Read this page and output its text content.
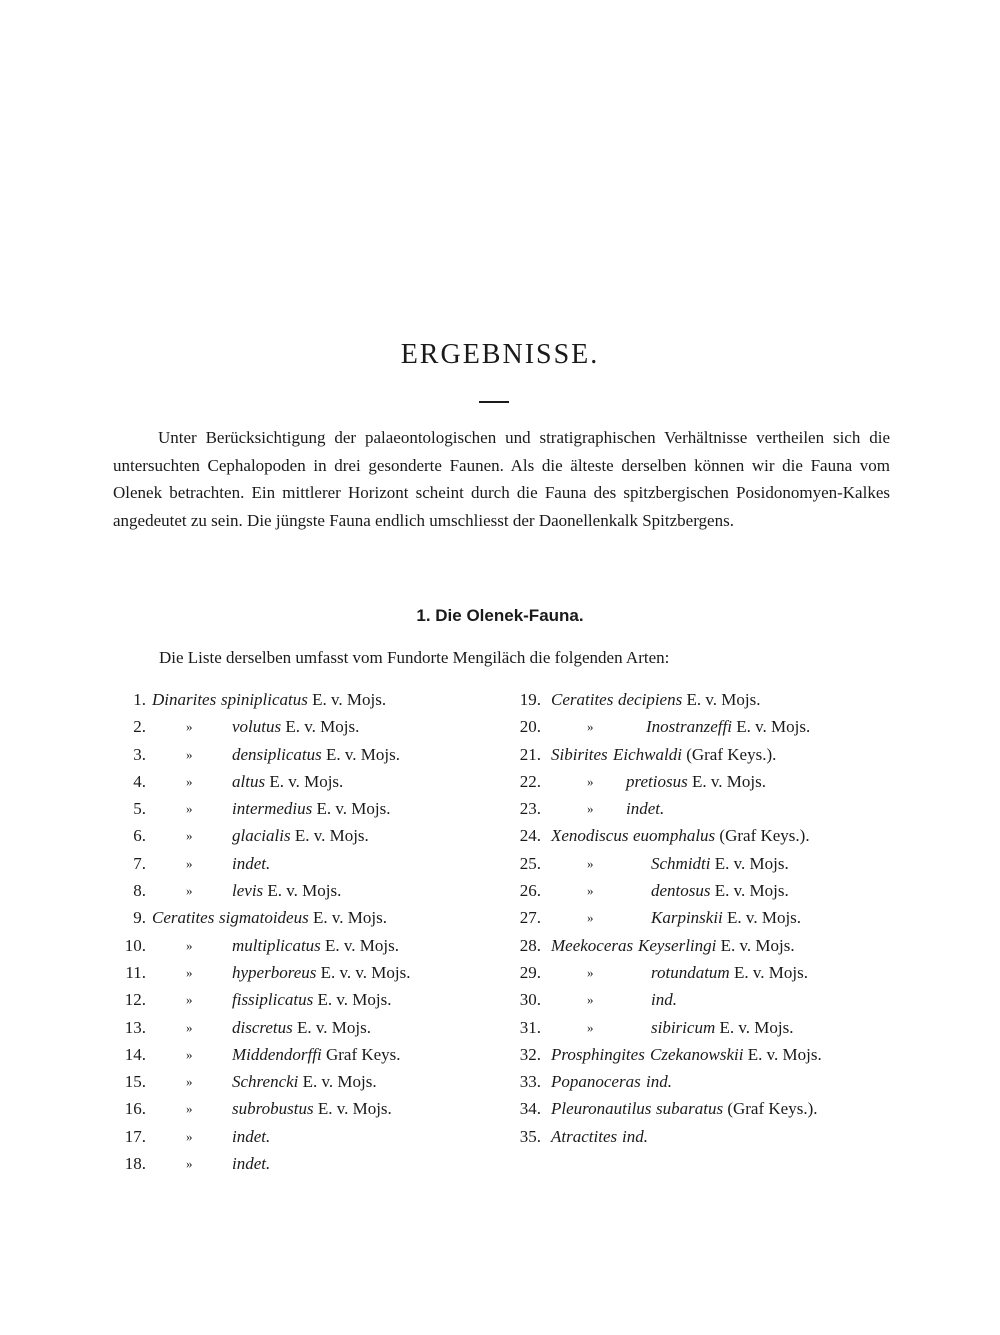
ERGEBNISSE.

Unter Berücksichtigung der palaeontologischen und stratigraphischen Verhältnisse vertheilen sich die untersuchten Cephalopoden in drei gesonderte Faunen. Als die älteste derselben können wir die Fauna vom Olenek betrachten. Ein mittlerer Horizont scheint durch die Fauna des spitzbergischen Posidonomyen-Kalkes angedeutet zu sein. Die jüngste Fauna endlich umschliesst der Daonellenkalk Spitzbergens.

1. Die Olenek-Fauna.

Die Liste derselben umfasst vom Fundorte Mengiläch die folgenden Arten:

1. Dinarites spiniplicatus E. v. Mojs.
2.	» volutus E. v. Mojs.
3.	» densiplicatus E. v. Mojs.
4.	» altus E. v. Mojs.
5.	» intermedius E. v. Mojs.
6.	» glacialis E. v. Mojs.
7.	» indet.
8.	» levis E. v. Mojs.
9. Ceratites sigmatoideus E. v. Mojs.
10.	» multiplicatus E. v. Mojs.
11.	» hyperboreus E. v. v. Mojs.
12.	» fissiplicatus E. v. Mojs.
13.	» discretus E. v. Mojs.
14.	» Middendorffi Graf Keys.
15.	» Schrencki E. v. Mojs.
16.	» subrobustus E. v. Mojs.
17.	» indet.
18.	» indet.
19. Ceratites decipiens E. v. Mojs.
20.	»	Inostranzeffi E. v. Mojs.
21. Sibirites Eichwaldi (Graf Keys.).
22.	» pretiosus E. v. Mojs.
23.	» indet.
24. Xenodiscus euomphalus (Graf Keys.).
25.	»	Schmidti E. v. Mojs.
26.	»	dentosus E. v. Mojs.
27.	»	Karpinskii E. v. Mojs.
28. Meekoceras Keyserlingi E. v. Mojs.
29.	»	rotundatum E. v. Mojs.
30.	»	ind.
31.	»	sibiricum E. v. Mojs.
32. Prosphingites Czekanowskii E. v. Mojs.
33. Popanoceras ind.
34. Pleuronautilus subaratus (Graf Keys.).
35. Atractites ind.
